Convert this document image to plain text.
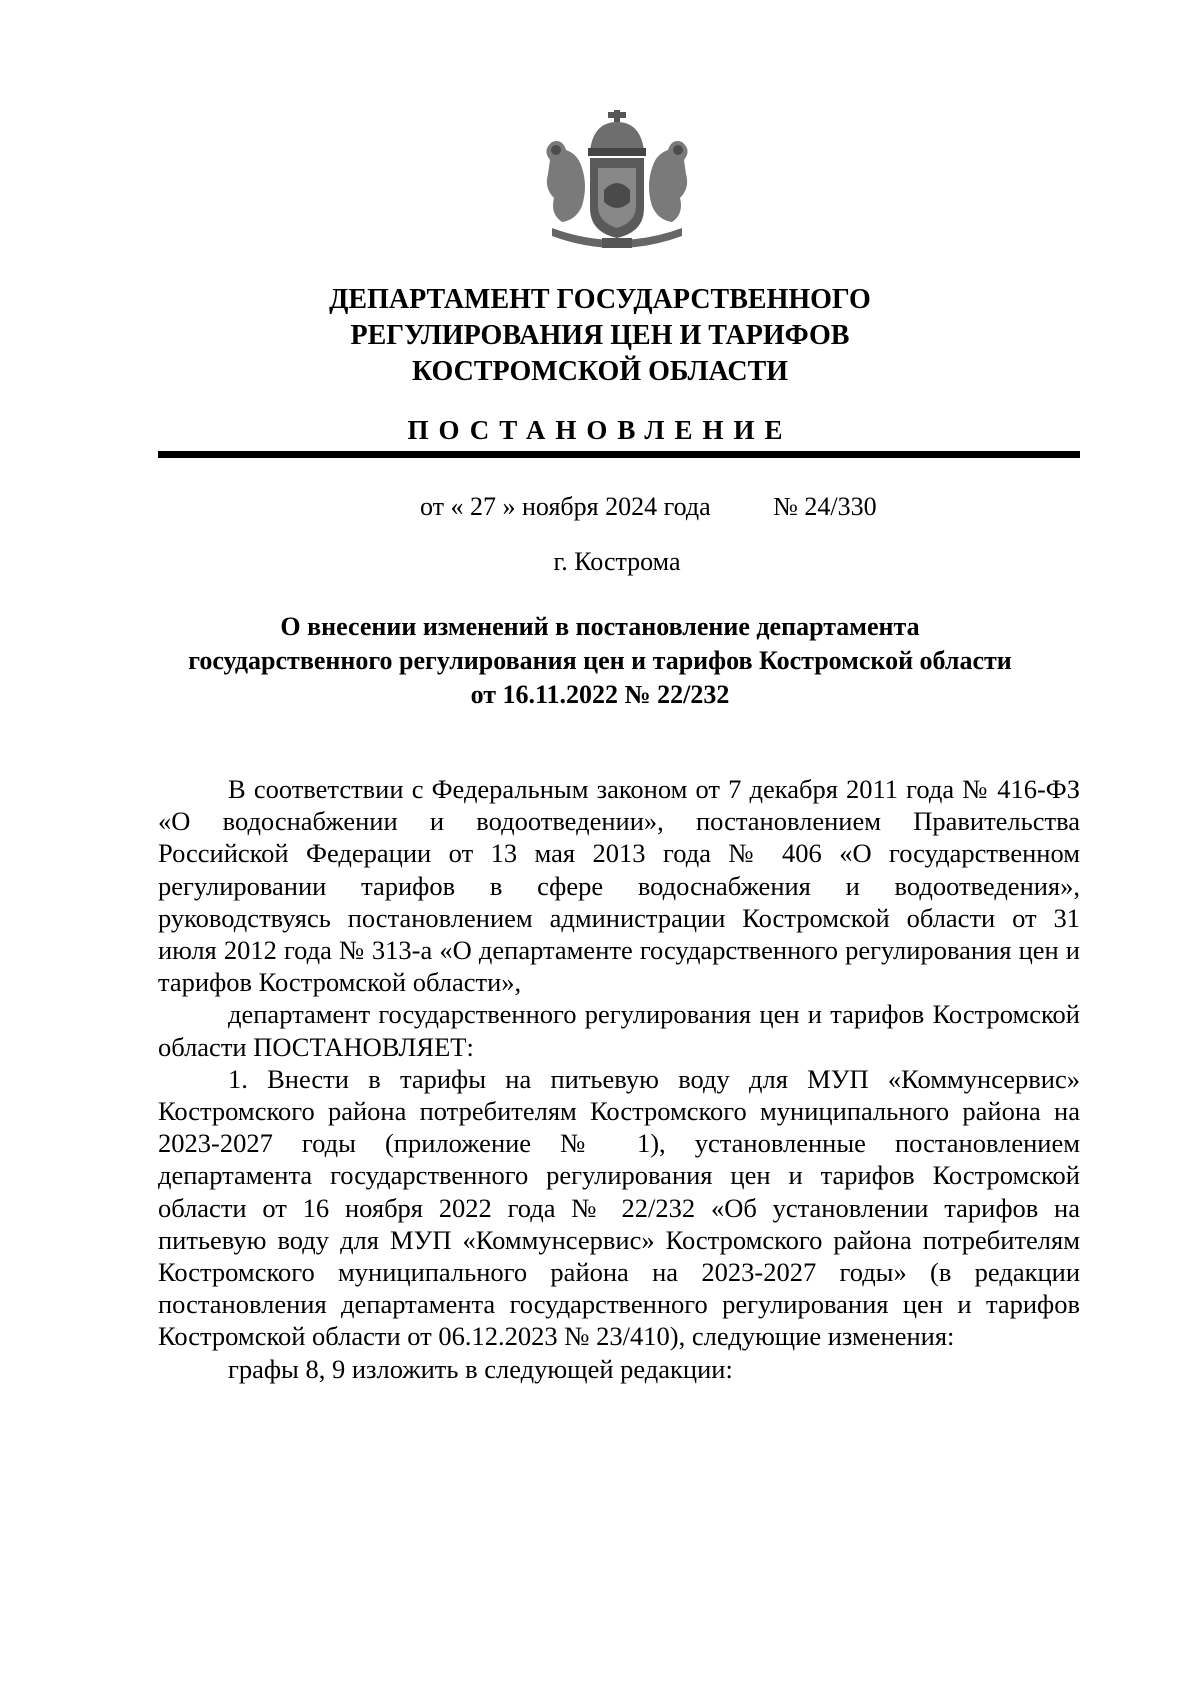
ДЕПАРТАМЕНТ ГОСУДАРСТВЕННОГО
РЕГУЛИРОВАНИЯ ЦЕН И ТАРИФОВ
КОСТРОМСКОЙ ОБЛАСТИ
ПОСТАНОВЛЕНИЕ
от « 27 » ноября 2024 года № 24/330
г. Кострома
О внесении изменений в постановление департамента
государственного регулирования цен и тарифов Костромской области
от 16.11.2022 № 22/232

В соответствии с Федеральным законом от 7 декабря 2011 года № 416-ФЗ «О водоснабжении и водоотведении», постановлением Правительства Российской Федерации от 13 мая 2013 года № 406 «О государственном регулировании тарифов в сфере водоснабжения и водоотведения», руководствуясь постановлением администрации Костромской области от 31 июля 2012 года № 313-а «О департаменте государственного регулирования цен и тарифов Костромской области»,

департамент государственного регулирования цен и тарифов Костромской области ПОСТАНОВЛЯЕТ:

1. Внести в тарифы на питьевую воду для МУП «Коммунсервис» Костромского района потребителям Костромского муниципального района на 2023-2027 годы (приложение № 1), установленные постановлением департамента государственного регулирования цен и тарифов Костромской области от 16 ноября 2022 года № 22/232 «Об установлении тарифов на питьевую воду для МУП «Коммунсервис» Костромского района потребителям Костромского муниципального района на 2023-2027 годы» (в редакции постановления департамента государственного регулирования цен и тарифов Костромской области от 06.12.2023 № 23/410), следующие изменения:

графы 8, 9 изложить в следующей редакции:
